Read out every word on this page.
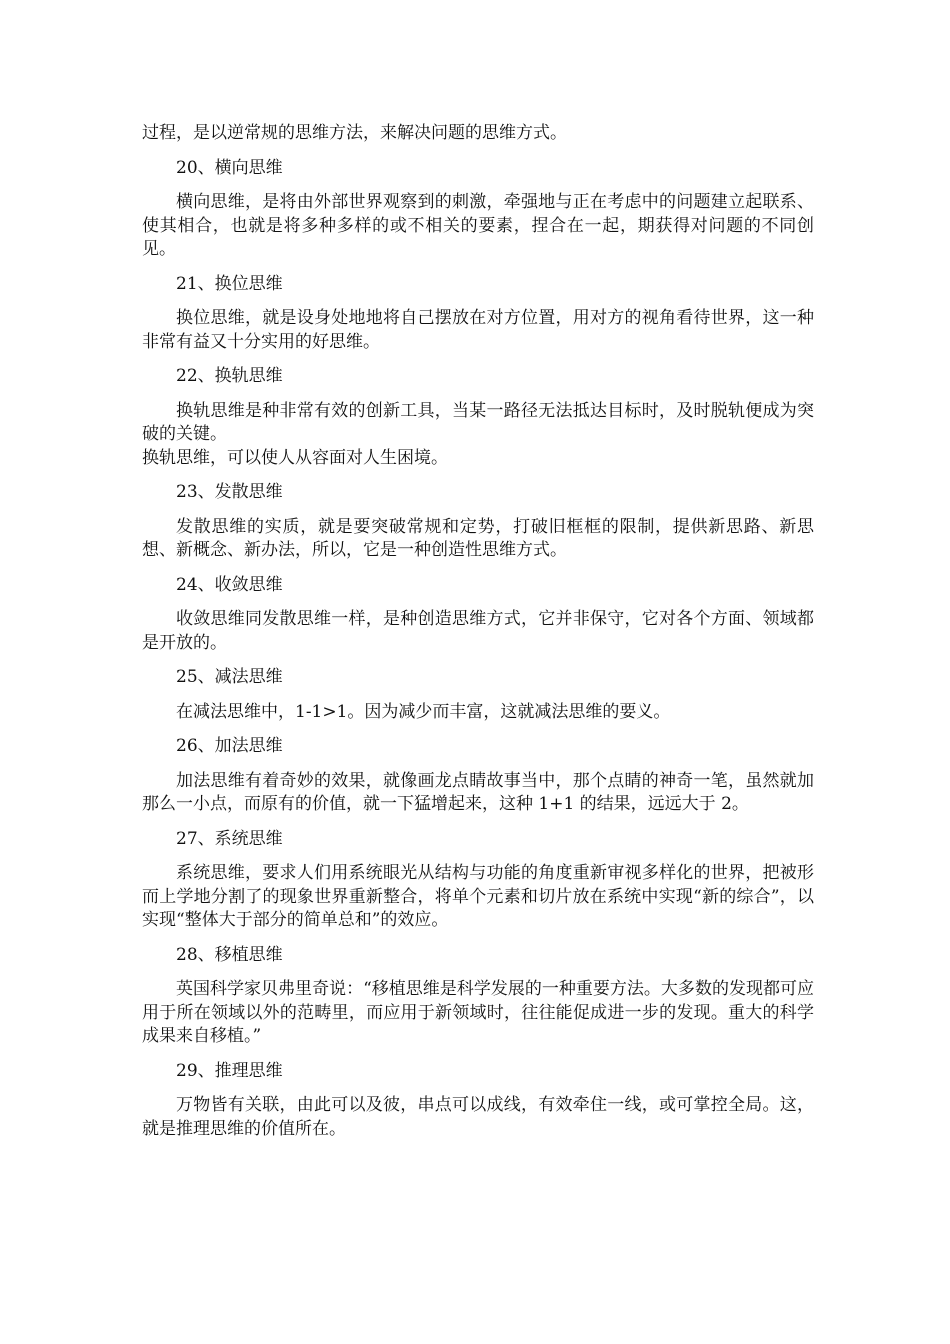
过程，是以逆常规的思维方法，来解决问题的思维方式。

20、横向思维

横向思维，是将由外部世界观察到的刺激，牵强地与正在考虑中的问题建立起联系、使其相合，也就是将多种多样的或不相关的要素，捏合在一起，期获得对问题的不同创见。

21、换位思维

换位思维，就是设身处地地将自己摆放在对方位置，用对方的视角看待世界，这一种非常有益又十分实用的好思维。

22、换轨思维

换轨思维是种非常有效的创新工具，当某一路径无法抵达目标时，及时脱轨便成为突破的关键。

换轨思维，可以使人从容面对人生困境。

23、发散思维

发散思维的实质，就是要突破常规和定势，打破旧框框的限制，提供新思路、新思想、新概念、新办法，所以，它是一种创造性思维方式。

24、收敛思维

收敛思维同发散思维一样，是种创造思维方式，它并非保守，它对各个方面、领域都是开放的。

25、减法思维

在减法思维中，1-1>1。因为减少而丰富，这就减法思维的要义。

26、加法思维

加法思维有着奇妙的效果，就像画龙点睛故事当中，那个点睛的神奇一笔，虽然就加那么一小点，而原有的价值，就一下猛增起来，这种 1+1 的结果，远远大于 2。

27、系统思维

系统思维，要求人们用系统眼光从结构与功能的角度重新审视多样化的世界，把被形而上学地分割了的现象世界重新整合，将单个元素和切片放在系统中实现“新的综合”，以实现“整体大于部分的简单总和”的效应。

28、移植思维

英国科学家贝弗里奇说：“移植思维是科学发展的一种重要方法。大多数的发现都可应用于所在领域以外的范畴里，而应用于新领域时，往往能促成进一步的发现。重大的科学成果来自移植。”

29、推理思维

万物皆有关联，由此可以及彼，串点可以成线，有效牵住一线，或可掌控全局。这，就是推理思维的价值所在。
